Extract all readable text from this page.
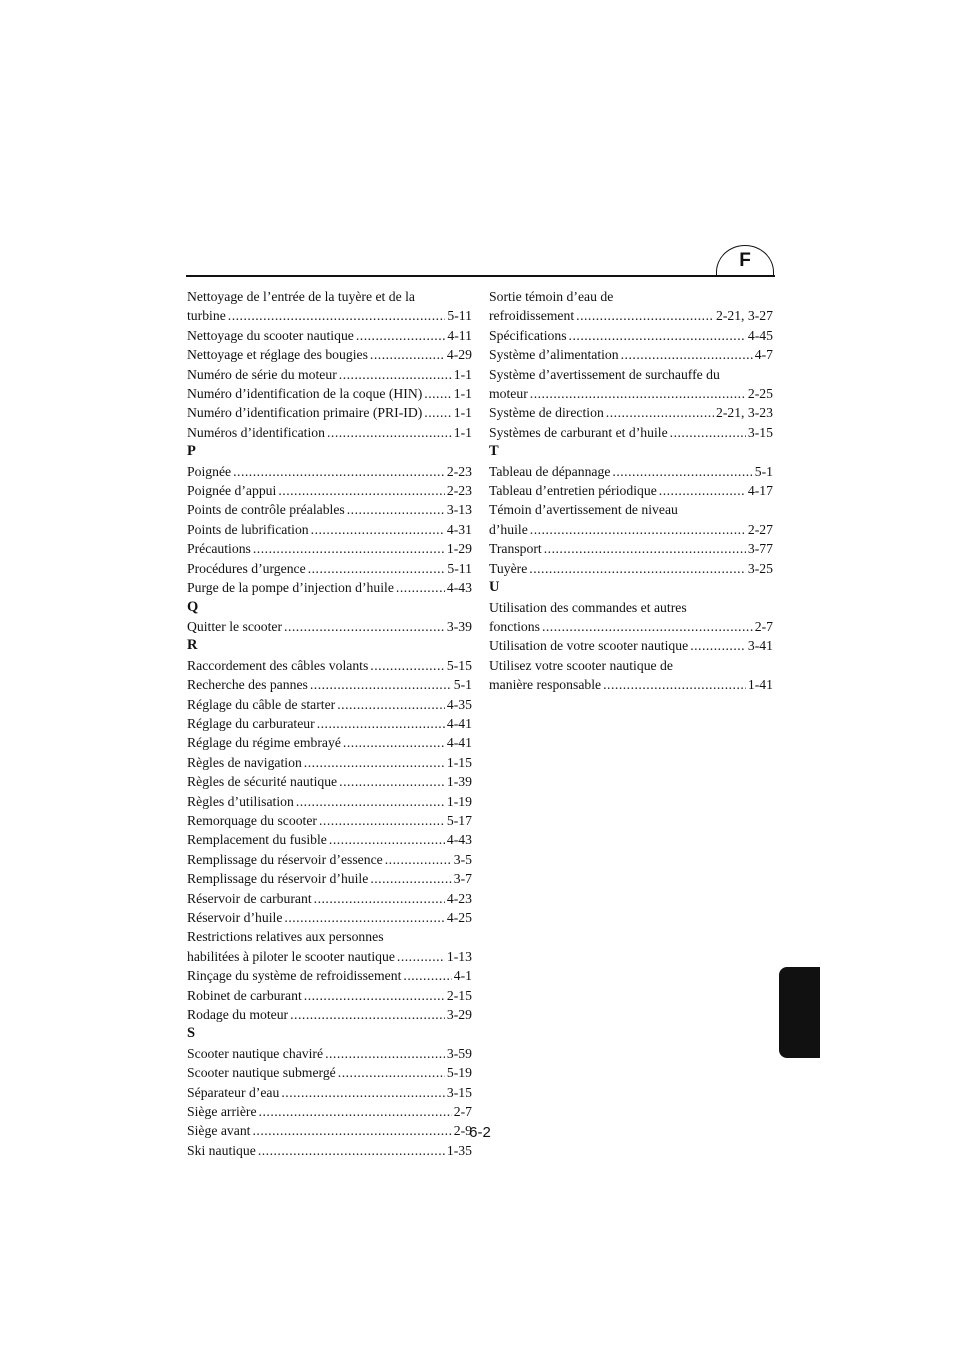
F
Nettoyage de l’entrée de la tuyère et de la
turbine .....	5-11
Nettoyage du scooter nautique .....	4-11
Nettoyage et réglage des bougies .....	4-29
Numéro de série du moteur .....	1-1
Numéro d’identification de la coque (HIN) ..... 1-1
Numéro d’identification primaire (PRI-ID) ..... 1-1
Numéros d’identification .....	1-1
P
Poignée .....	2-23
Poignée d’appui .....	2-23
Points de contrôle préalables .....	3-13
Points de lubrification .....	4-31
Précautions .....	1-29
Procédures d’urgence .....	5-11
Purge de la pompe d’injection d’huile .....	4-43
Q
Quitter le scooter .....	3-39
R
Raccordement des câbles volants .....	5-15
Recherche des pannes .....	5-1
Réglage du câble de starter .....	4-35
Réglage du carburateur .....	4-41
Réglage du régime embrayé .....	4-41
Règles de navigation .....	1-15
Règles de sécurité nautique .....	1-39
Règles d’utilisation .....	1-19
Remorquage du scooter .....	5-17
Remplacement du fusible .....	4-43
Remplissage du réservoir d’essence .....	3-5
Remplissage du réservoir d’huile .....	3-7
Réservoir de carburant .....	4-23
Réservoir d’huile .....	4-25
Restrictions relatives aux personnes
habilitées à piloter le scooter nautique .....	1-13
Rinçage du système de refroidissement .....	4-1
Robinet de carburant .....	2-15
Rodage du moteur .....	3-29
S
Scooter nautique chaviré .....	3-59
Scooter nautique submergé .....	5-19
Séparateur d’eau .....	3-15
Siège arrière .....	2-7
Siège avant .....	2-9
Ski nautique .....	1-35
Sortie témoin d’eau de
refroidissement .....	2-21, 3-27
Spécifications .....	4-45
Système d’alimentation .....	4-7
Système d’avertissement de surchauffe du
moteur .....	2-25
Système de direction .....	2-21, 3-23
Systèmes de carburant et d’huile .....	3-15
T
Tableau de dépannage .....	5-1
Tableau d’entretien périodique .....	4-17
Témoin d’avertissement de niveau
d’huile .....	2-27
Transport .....	3-77
Tuyère .....	3-25
U
Utilisation des commandes et autres
fonctions .....	2-7
Utilisation de votre scooter nautique .....	3-41
Utilisez votre scooter nautique de
manière responsable .....	1-41
6-2
